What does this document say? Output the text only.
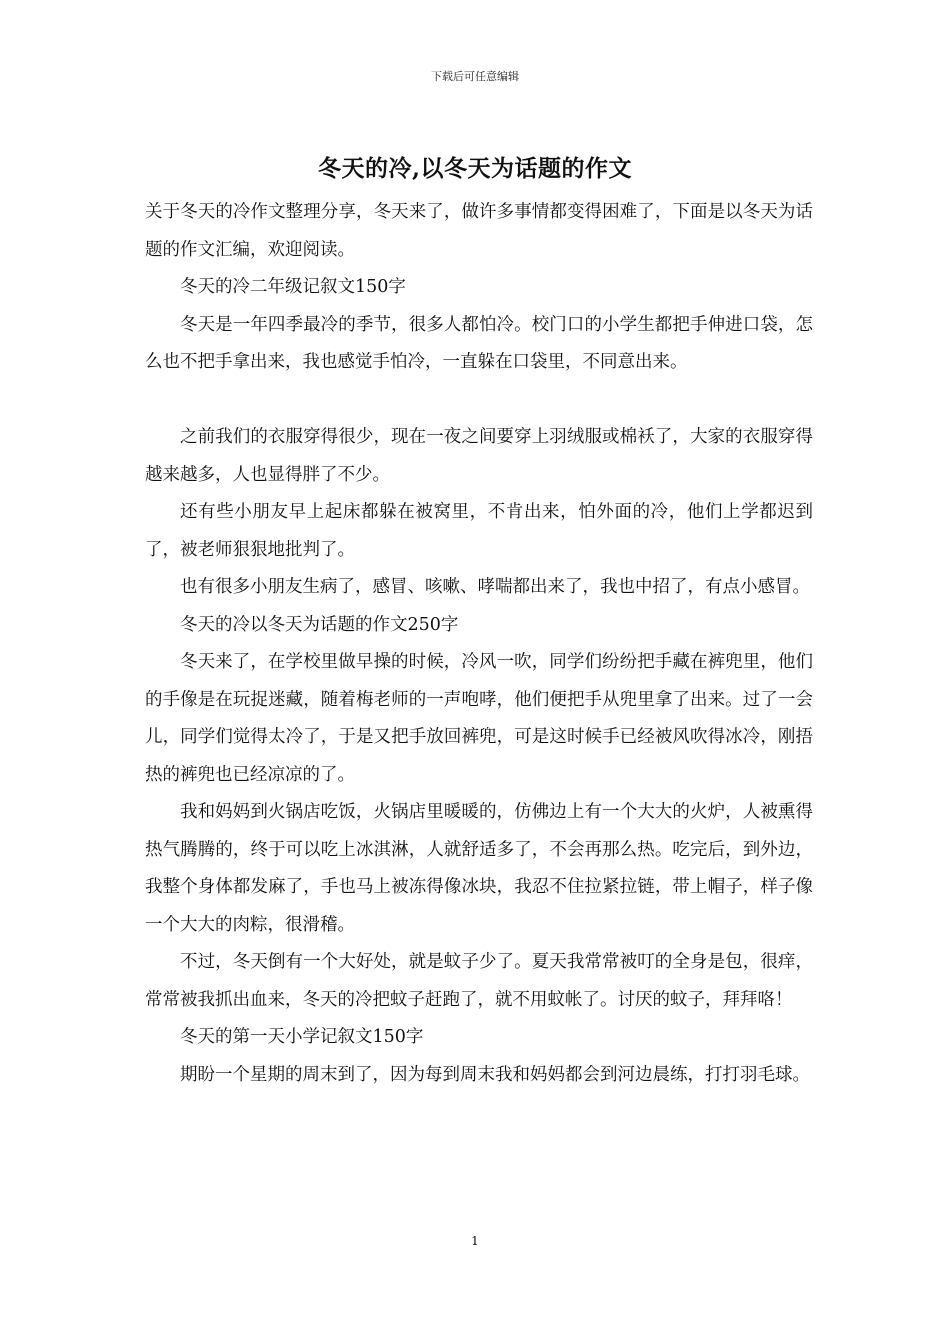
下载后可任意编辑
冬天的冷,以冬天为话题的作文

关于冬天的冷作文整理分享，冬天来了，做许多事情都变得困难了，下面是以冬天为话题的作文汇编，欢迎阅读。

冬天的冷二年级记叙文150字

冬天是一年四季最冷的季节，很多人都怕冷。校门口的小学生都把手伸进口袋，怎么也不把手拿出来，我也感觉手怕冷，一直躲在口袋里，不同意出来。

之前我们的衣服穿得很少，现在一夜之间要穿上羽绒服或棉袄了，大家的衣服穿得越来越多，人也显得胖了不少。

还有些小朋友早上起床都躲在被窝里，不肯出来，怕外面的冷，他们上学都迟到了，被老师狠狠地批判了。

也有很多小朋友生病了，感冒、咳嗽、哮喘都出来了，我也中招了，有点小感冒。

冬天的冷以冬天为话题的作文250字

冬天来了，在学校里做早操的时候，冷风一吹，同学们纷纷把手藏在裤兜里，他们的手像是在玩捉迷藏，随着梅老师的一声咆哮，他们便把手从兜里拿了出来。过了一会儿，同学们觉得太冷了，于是又把手放回裤兜，可是这时候手已经被风吹得冰冷，刚捂热的裤兜也已经凉凉的了。

我和妈妈到火锅店吃饭，火锅店里暖暖的，仿佛边上有一个大大的火炉，人被熏得热气腾腾的，终于可以吃上冰淇淋，人就舒适多了，不会再那么热。吃完后，到外边，我整个身体都发麻了，手也马上被冻得像冰块，我忍不住拉紧拉链，带上帽子，样子像一个大大的肉粽，很滑稽。

不过，冬天倒有一个大好处，就是蚊子少了。夏天我常常被叮的全身是包，很痒，常常被我抓出血来，冬天的冷把蚊子赶跑了，就不用蚊帐了。讨厌的蚊子，拜拜咯！

冬天的第一天小学记叙文150字

期盼一个星期的周末到了，因为每到周末我和妈妈都会到河边晨练，打打羽毛球。

1
